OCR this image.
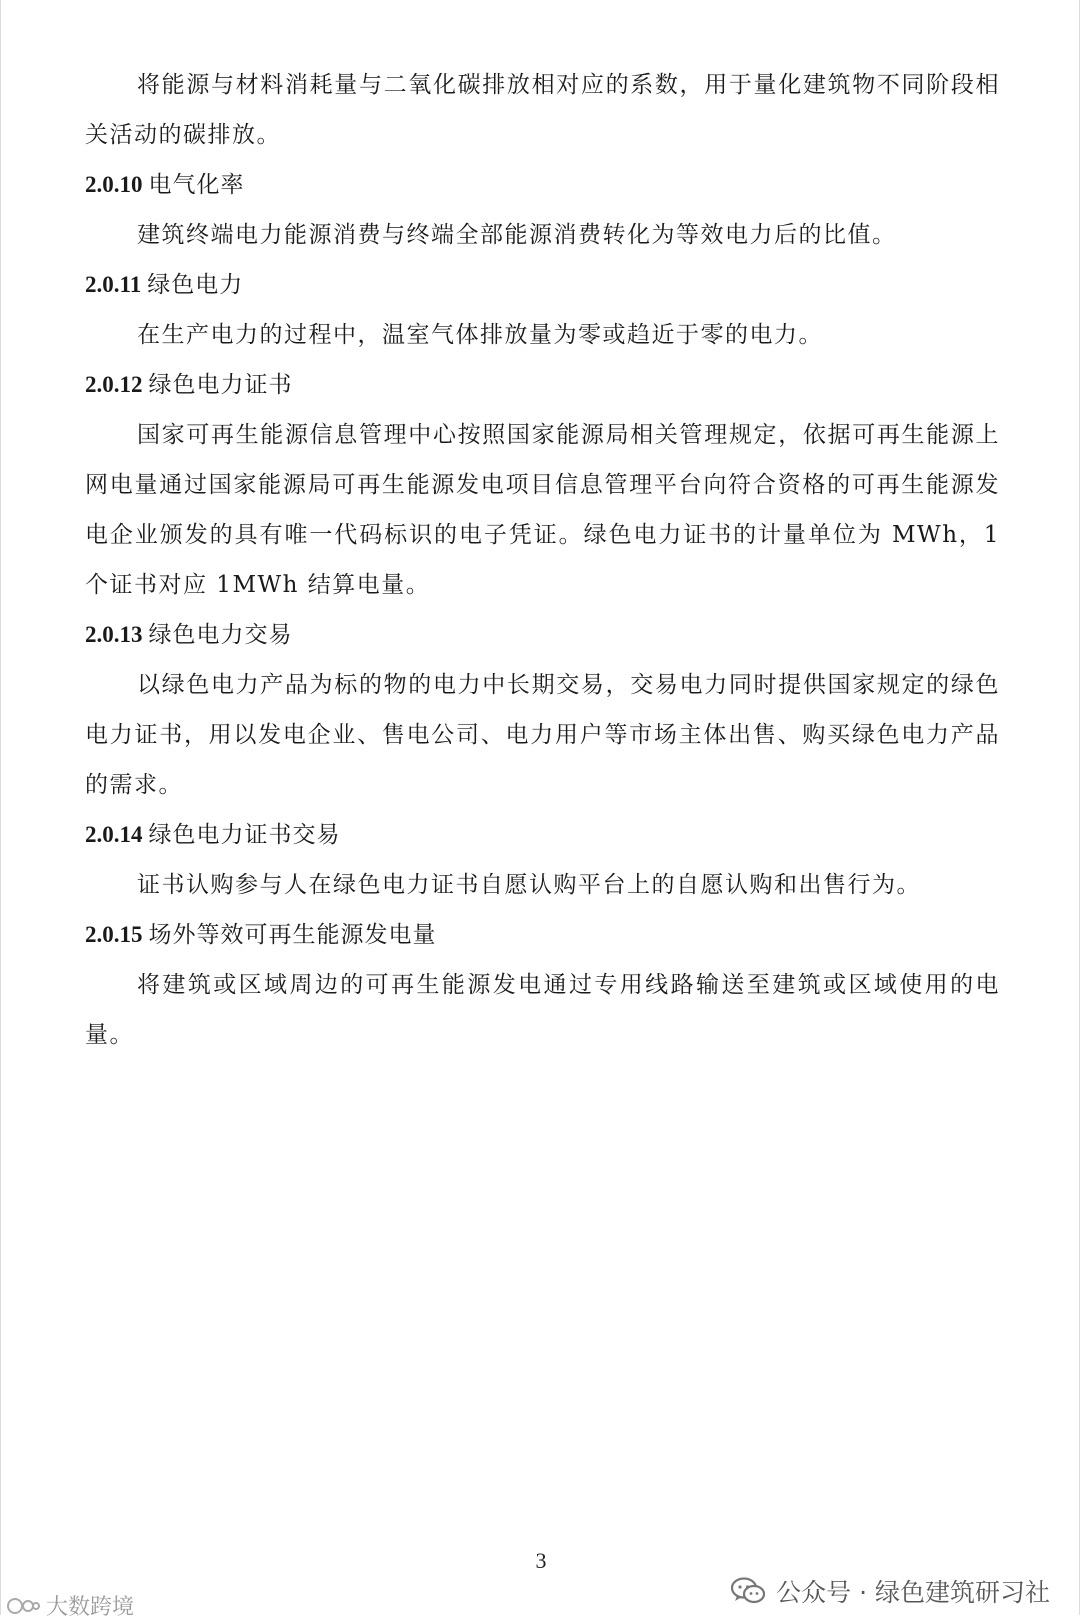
将能源与材料消耗量与二氧化碳排放相对应的系数，用于量化建筑物不同阶段相关活动的碳排放。

2.0.10 电气化率

建筑终端电力能源消费与终端全部能源消费转化为等效电力后的比值。

2.0.11 绿色电力

在生产电力的过程中，温室气体排放量为零或趋近于零的电力。

2.0.12 绿色电力证书

国家可再生能源信息管理中心按照国家能源局相关管理规定，依据可再生能源上网电量通过国家能源局可再生能源发电项目信息管理平台向符合资格的可再生能源发电企业颁发的具有唯一代码标识的电子凭证。绿色电力证书的计量单位为 MWh，1 个证书对应 1MWh 结算电量。

2.0.13 绿色电力交易

以绿色电力产品为标的物的电力中长期交易，交易电力同时提供国家规定的绿色电力证书，用以发电企业、售电公司、电力用户等市场主体出售、购买绿色电力产品的需求。

2.0.14 绿色电力证书交易

证书认购参与人在绿色电力证书自愿认购平台上的自愿认购和出售行为。

2.0.15 场外等效可再生能源发电量

将建筑或区域周边的可再生能源发电通过专用线路输送至建筑或区域使用的电量。

3
公众号 · 绿色建筑研习社
大数跨境
